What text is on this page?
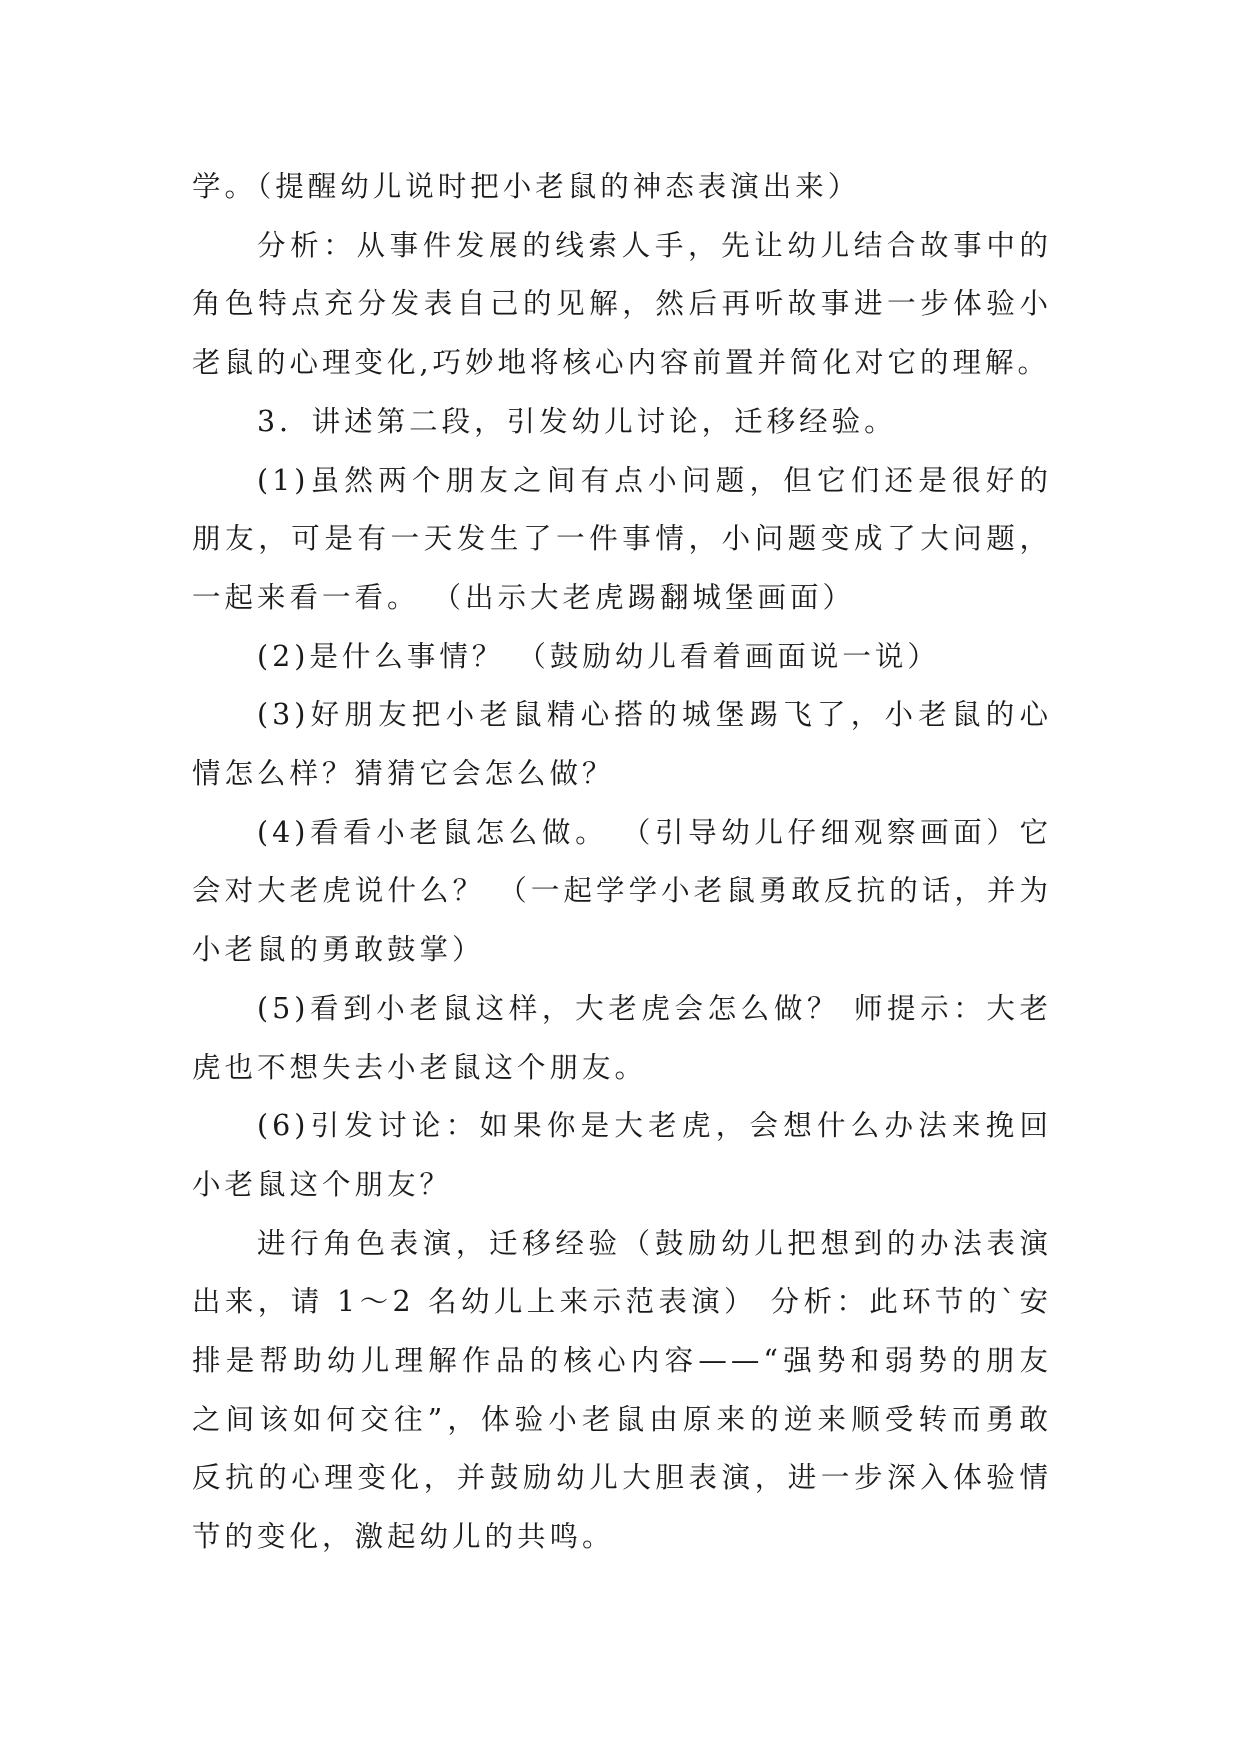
学。（提醒幼儿说时把小老鼠的神态表演出来）

分析：从事件发展的线索人手，先让幼儿结合故事中的角色特点充分发表自己的见解，然后再听故事进一步体验小老鼠的心理变化,巧妙地将核心内容前置并简化对它的理解。

3．讲述第二段，引发幼儿讨论，迁移经验。

(1)虽然两个朋友之间有点小问题，但它们还是很好的朋友，可是有一天发生了一件事情，小问题变成了大问题，一起来看一看。 （出示大老虎踢翻城堡画面）

(2)是什么事情？ （鼓励幼儿看着画面说一说）

(3)好朋友把小老鼠精心搭的城堡踢飞了，小老鼠的心情怎么样？猜猜它会怎么做？

(4)看看小老鼠怎么做。 （引导幼儿仔细观察画面）它会对大老虎说什么？ （一起学学小老鼠勇敢反抗的话，并为小老鼠的勇敢鼓掌）

(5)看到小老鼠这样，大老虎会怎么做？ 师提示：大老虎也不想失去小老鼠这个朋友。

(6)引发讨论：如果你是大老虎，会想什么办法来挽回小老鼠这个朋友？

进行角色表演，迁移经验（鼓励幼儿把想到的办法表演出来，请 1～2 名幼儿上来示范表演） 分析：此环节的`安排是帮助幼儿理解作品的核心内容——“强势和弱势的朋友之间该如何交往”，体验小老鼠由原来的逆来顺受转而勇敢反抗的心理变化，并鼓励幼儿大胆表演，进一步深入体验情节的变化，激起幼儿的共鸣。
